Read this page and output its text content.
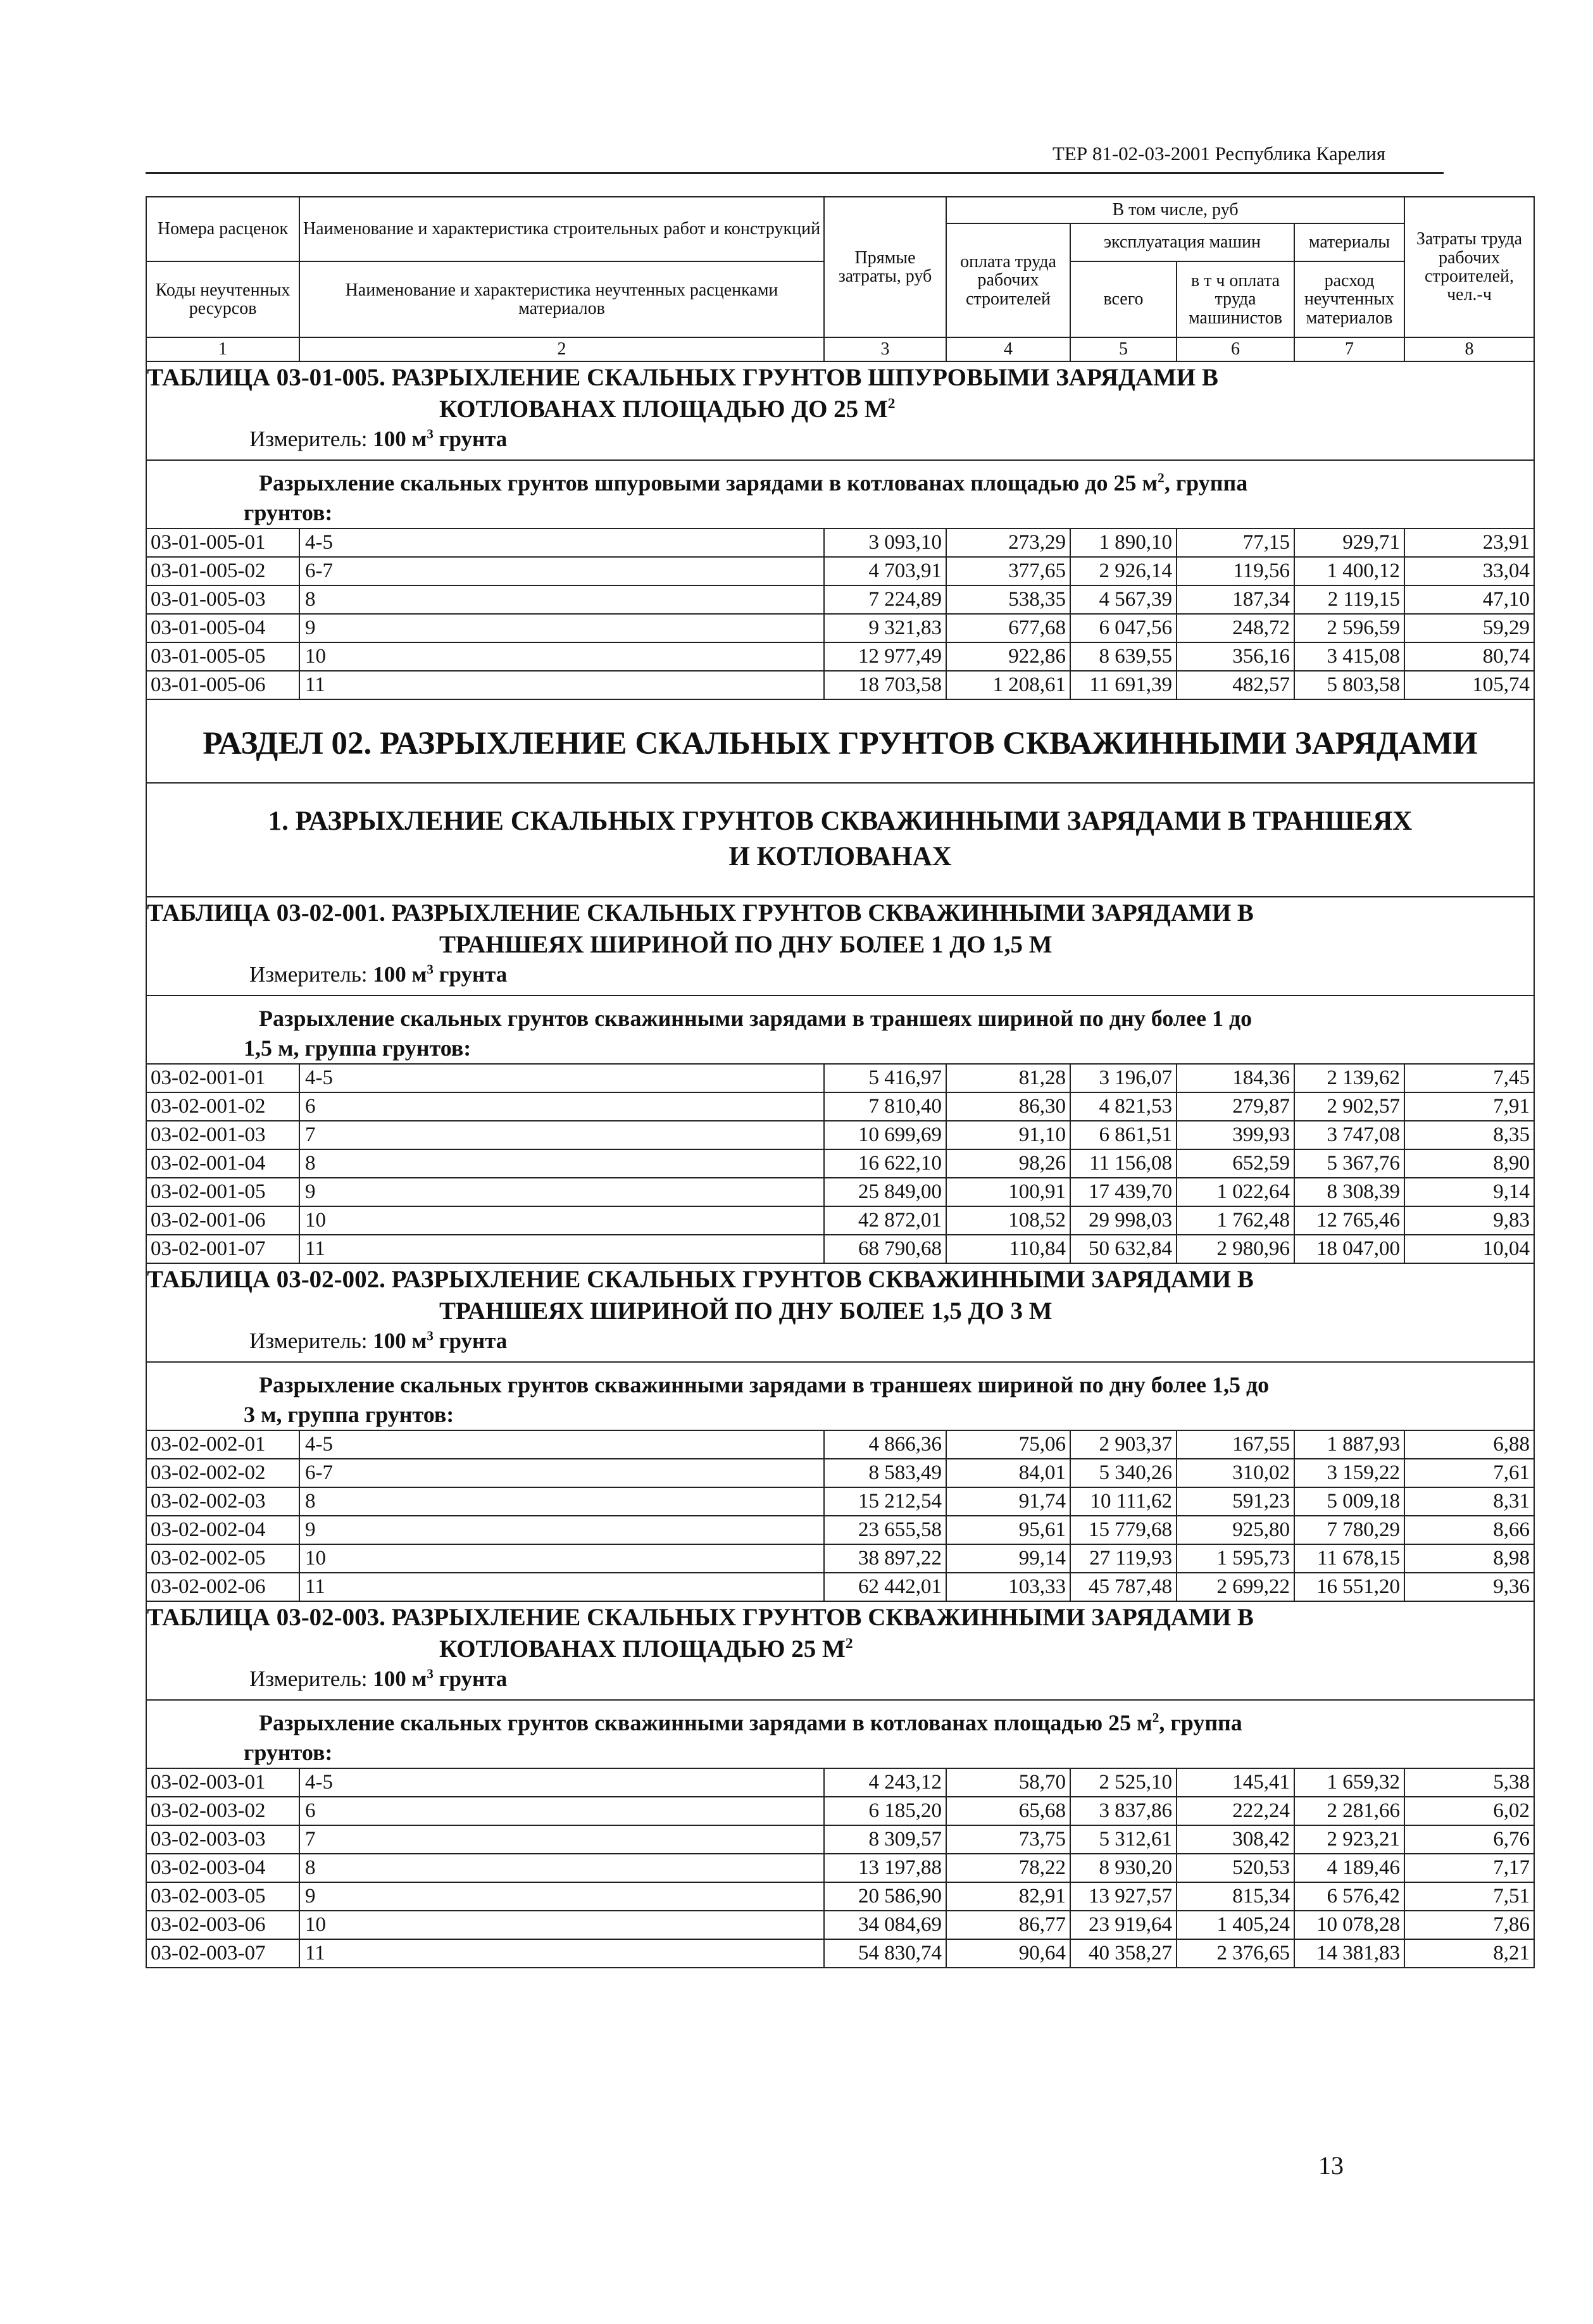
ТЕР 81-02-03-2001 Республика Карелия
Номера расценок	Наименование и характеристика строительных работ и конструкций	Прямые затраты, руб	В том числе, руб				Затраты труда рабочих строителей, чел.-ч

			оплата труда рабочих строителей	эксплуатация машин		материалы	

Коды неучтенных ресурсов	Наименование и характеристика неучтенных расценками материалов			всего	в т ч оплата труда машинистов	расход неучтенных материалов	

1	2	3	4	5	6	7	8

ТАБЛИЦА 03-01-005. РАЗРЫХЛЕНИЕ СКАЛЬНЫХ ГРУНТОВ ШПУРОВЫМИ ЗАРЯДАМИ В
КОТЛОВАНАХ ПЛОЩАДЬЮ ДО 25 $М^2$
Измеритель: 100 $м^3$ грунта							

Разрыхление скальных грунтов шпуровыми зарядами в котлованах площадью до 25 $м^2$, группа
грунтов:							

03-01-005-01	4-5	3 093,10	273,29	1 890,10	77,15	929,71	23,91
03-01-005-02	6-7	4 703,91	377,65	2 926,14	119,56	1 400,12	33,04
03-01-005-03	8	7 224,89	538,35	4 567,39	187,34	2 119,15	47,10
03-01-005-04	9	9 321,83	677,68	6 047,56	248,72	2 596,59	59,29
03-01-005-05	10	12 977,49	922,86	8 639,55	356,16	3 415,08	80,74
03-01-005-06	11	18 703,58	1 208,61	11 691,39	482,57	5 803,58	105,74

РАЗДЕЛ 02. РАЗРЫХЛЕНИЕ СКАЛЬНЫХ ГРУНТОВ СКВАЖИННЫМИ ЗАРЯДАМИ							

1. РАЗРЫХЛЕНИЕ СКАЛЬНЫХ ГРУНТОВ СКВАЖИННЫМИ ЗАРЯДАМИ В ТРАНШЕЯХ
И КОТЛОВАНАХ							

ТАБЛИЦА 03-02-001. РАЗРЫХЛЕНИЕ СКАЛЬНЫХ ГРУНТОВ СКВАЖИННЫМИ ЗАРЯДАМИ В
ТРАНШЕЯХ ШИРИНОЙ ПО ДНУ БОЛЕЕ 1 ДО 1,5 М
Измеритель: 100 $м^3$ грунта							

Разрыхление скальных грунтов скважинными зарядами в траншеях шириной по дну более 1 до
1,5 м, группа грунтов:							

03-02-001-01	4-5	5 416,97	81,28	3 196,07	184,36	2 139,62	7,45
03-02-001-02	6	7 810,40	86,30	4 821,53	279,87	2 902,57	7,91
03-02-001-03	7	10 699,69	91,10	6 861,51	399,93	3 747,08	8,35
03-02-001-04	8	16 622,10	98,26	11 156,08	652,59	5 367,76	8,90
03-02-001-05	9	25 849,00	100,91	17 439,70	1 022,64	8 308,39	9,14
03-02-001-06	10	42 872,01	108,52	29 998,03	1 762,48	12 765,46	9,83
03-02-001-07	11	68 790,68	110,84	50 632,84	2 980,96	18 047,00	10,04

ТАБЛИЦА 03-02-002. РАЗРЫХЛЕНИЕ СКАЛЬНЫХ ГРУНТОВ СКВАЖИННЫМИ ЗАРЯДАМИ В
ТРАНШЕЯХ ШИРИНОЙ ПО ДНУ БОЛЕЕ 1,5 ДО 3 М
Измеритель: 100 $м^3$ грунта							

Разрыхление скальных грунтов скважинными зарядами в траншеях шириной по дну более 1,5 до
3 м, группа грунтов:							

03-02-002-01	4-5	4 866,36	75,06	2 903,37	167,55	1 887,93	6,88
03-02-002-02	6-7	8 583,49	84,01	5 340,26	310,02	3 159,22	7,61
03-02-002-03	8	15 212,54	91,74	10 111,62	591,23	5 009,18	8,31
03-02-002-04	9	23 655,58	95,61	15 779,68	925,80	7 780,29	8,66
03-02-002-05	10	38 897,22	99,14	27 119,93	1 595,73	11 678,15	8,98
03-02-002-06	11	62 442,01	103,33	45 787,48	2 699,22	16 551,20	9,36

ТАБЛИЦА 03-02-003. РАЗРЫХЛЕНИЕ СКАЛЬНЫХ ГРУНТОВ СКВАЖИННЫМИ ЗАРЯДАМИ В
КОТЛОВАНАХ ПЛОЩАДЬЮ 25 $М^2$
Измеритель: 100 $м^3$ грунта							

Разрыхление скальных грунтов скважинными зарядами в котлованах площадью 25 $м^2$, группа
грунтов:							

03-02-003-01	4-5	4 243,12	58,70	2 525,10	145,41	1 659,32	5,38
03-02-003-02	6	6 185,20	65,68	3 837,86	222,24	2 281,66	6,02
03-02-003-03	7	8 309,57	73,75	5 312,61	308,42	2 923,21	6,76
03-02-003-04	8	13 197,88	78,22	8 930,20	520,53	4 189,46	7,17
03-02-003-05	9	20 586,90	82,91	13 927,57	815,34	6 576,42	7,51
03-02-003-06	10	34 084,69	86,77	23 919,64	1 405,24	10 078,28	7,86
03-02-003-07	11	54 830,74	90,64	40 358,27	2 376,65	14 381,83	8,21
13
